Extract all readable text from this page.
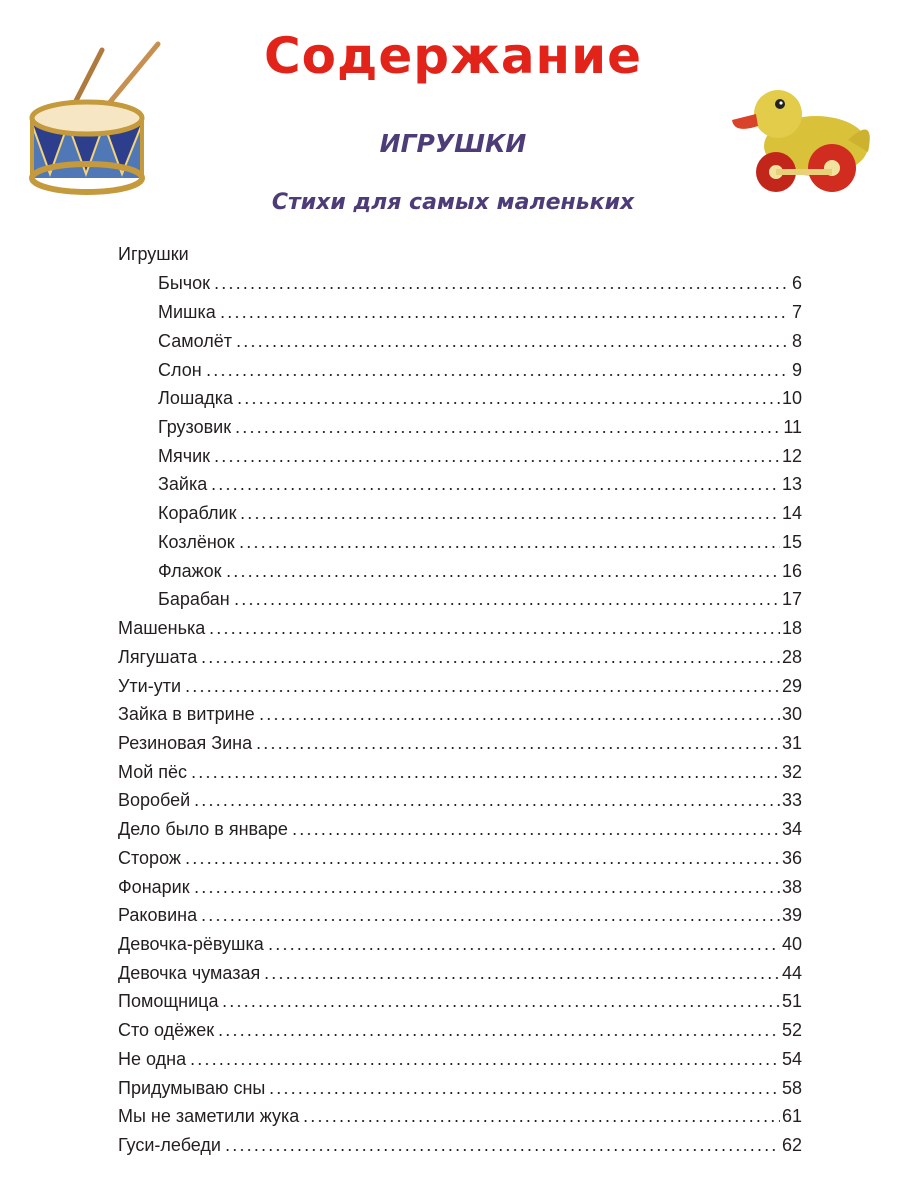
Содержание
ИГРУШКИ
Стихи для самых маленьких
Игрушки
Бычок	6
Мишка	7
Самолёт	8
Слон	9
Лошадка	10
Грузовик	11
Мячик	12
Зайка	13
Кораблик	14
Козлёнок	15
Флажок	16
Барабан	17
Машенька	18
Лягушата	28
Ути-ути	29
Зайка в витрине	30
Резиновая Зина	31
Мой пёс	32
Воробей	33
Дело было в январе	34
Сторож	36
Фонарик	38
Раковина	39
Девочка-рёвушка	40
Девочка чумазая	44
Помощница	51
Сто одёжек	52
Не одна	54
Придумываю сны	58
Мы не заметили жука	61
Гуси-лебеди	62
